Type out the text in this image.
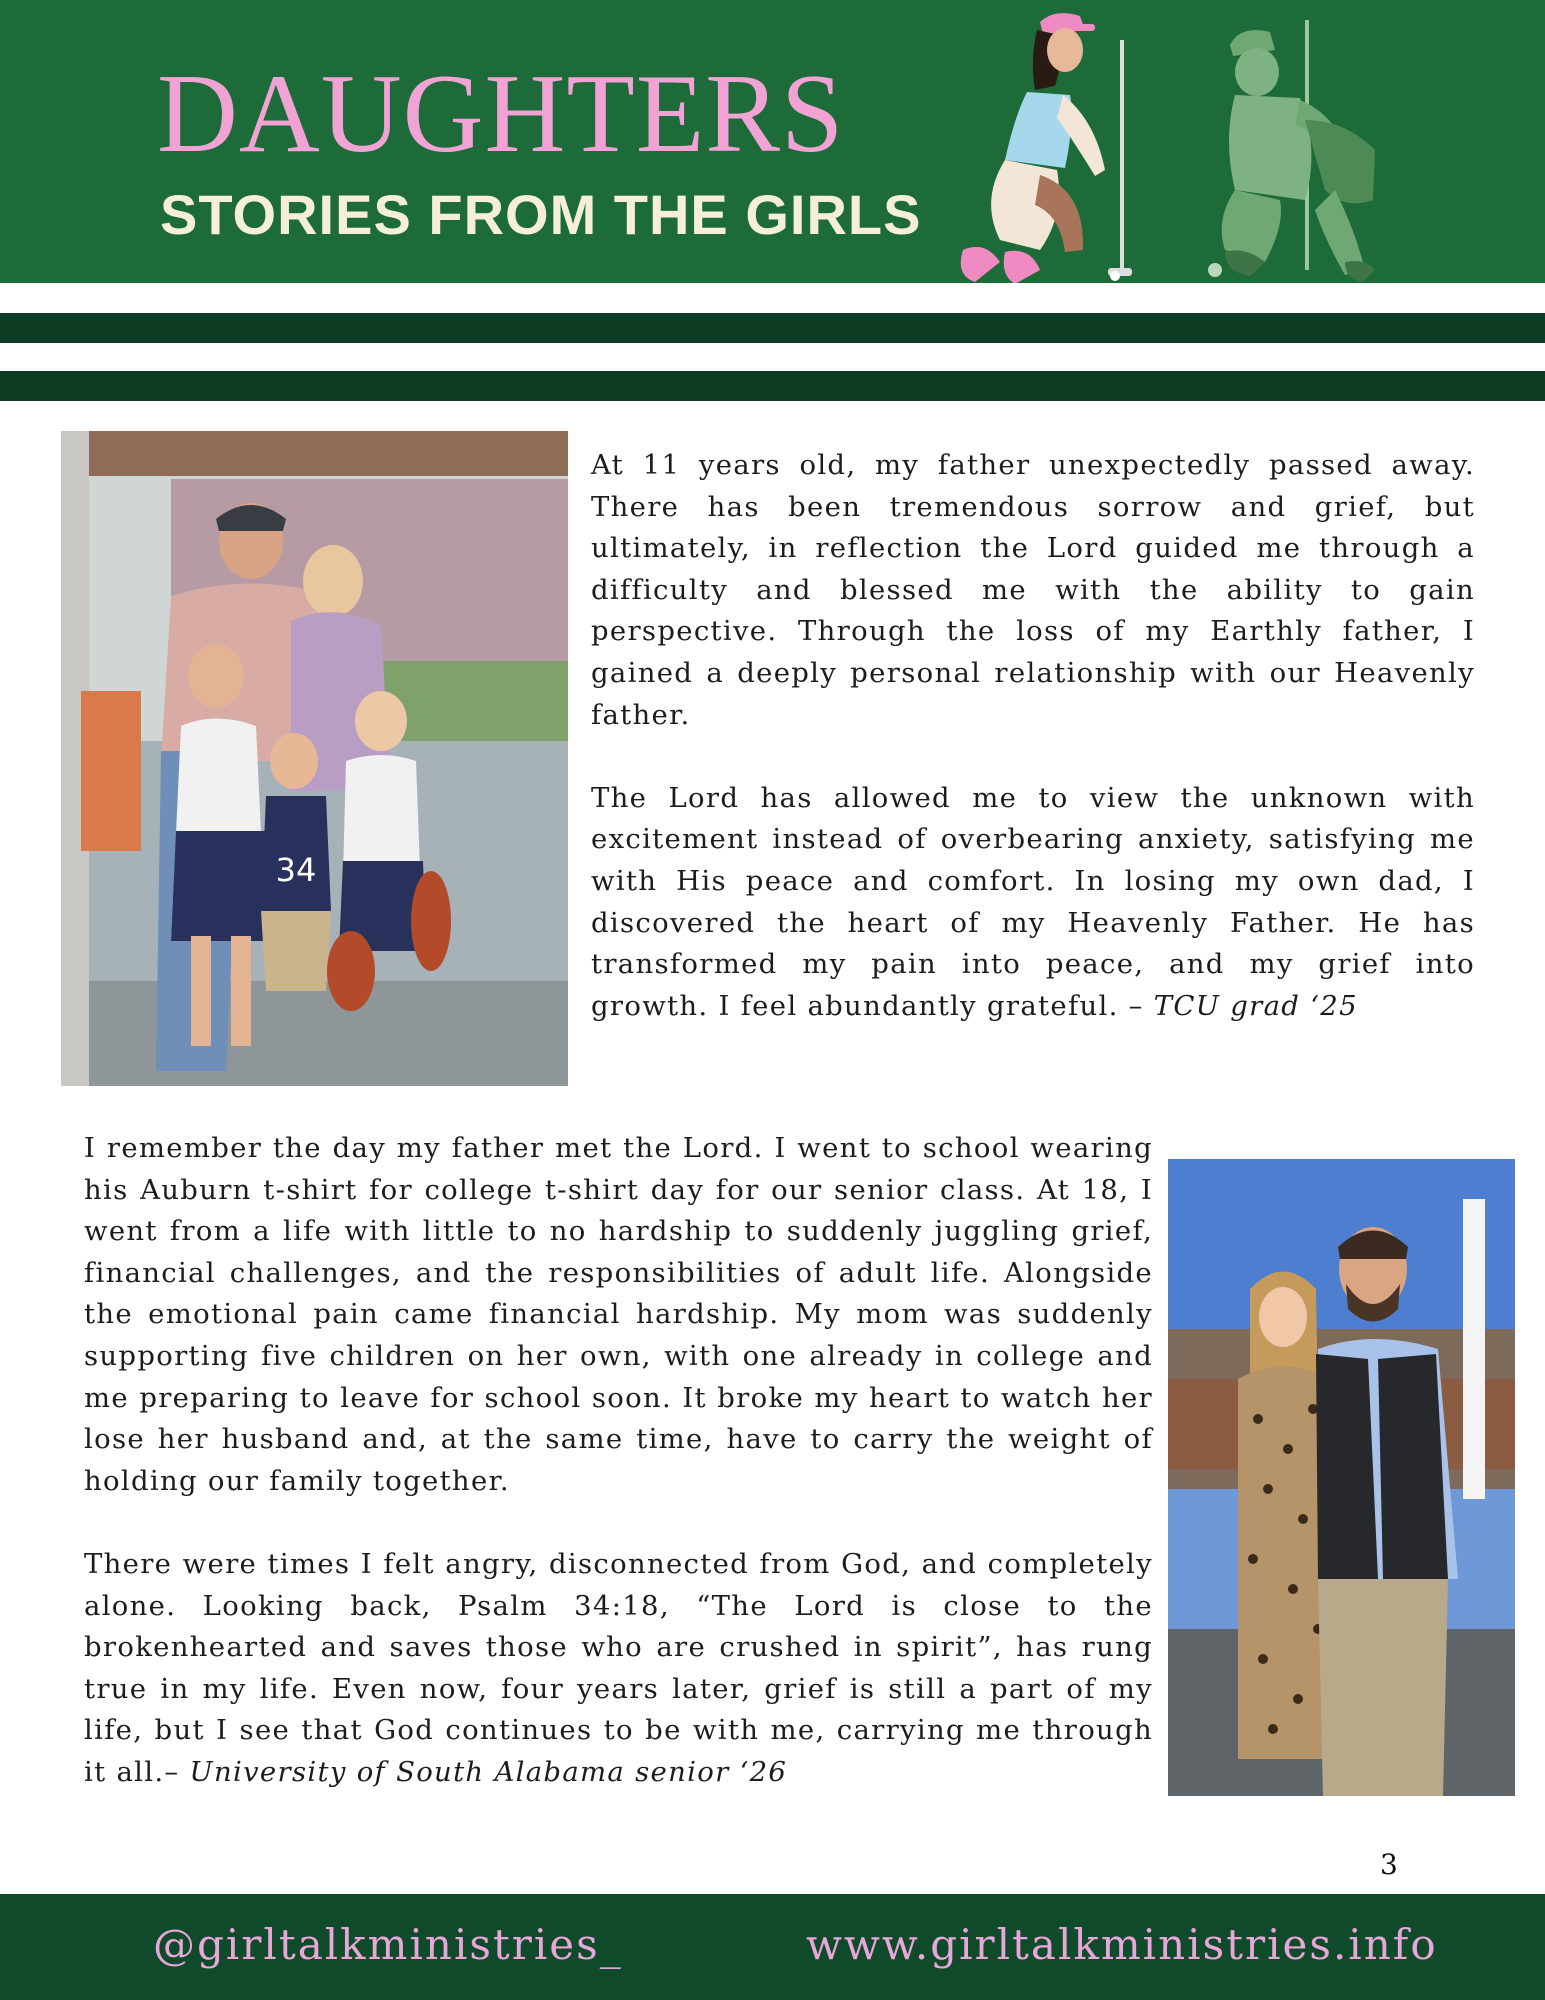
DAUGHTERS
STORIES FROM THE GIRLS
34

At 11 years old, my father unexpectedly passed away. There has been tremendous sorrow and grief, but ultimately, in reflection the Lord guided me through a difficulty and blessed me with the ability to gain perspective. Through the loss of my Earthly father, I gained a deeply personal relationship with our Heavenly father.

The Lord has allowed me to view the unknown with excitement instead of overbearing anxiety, satisfying me with His peace and comfort. In losing my own dad, I discovered the heart of my Heavenly Father. He has transformed my pain into peace, and my grief into growth. I feel abundantly grateful. – TCU grad ‘25

I remember the day my father met the Lord. I went to school wearing his Auburn t-shirt for college t-shirt day for our senior class. At 18, I went from a life with little to no hardship to suddenly juggling grief, financial challenges, and the responsibilities of adult life. Alongside the emotional pain came financial hardship. My mom was suddenly supporting five children on her own, with one already in college and me preparing to leave for school soon. It broke my heart to watch her lose her husband and, at the same time, have to carry the weight of holding our family together.

There were times I felt angry, disconnected from God, and completely alone. Looking back, Psalm 34:18, “The Lord is close to the brokenhearted and saves those who are crushed in spirit”, has rung true in my life. Even now, four years later, grief is still a part of my life, but I see that God continues to be with me, carrying me through it all.– University of South Alabama senior ‘26

3
@girltalkministries_	www.girltalkministries.info
